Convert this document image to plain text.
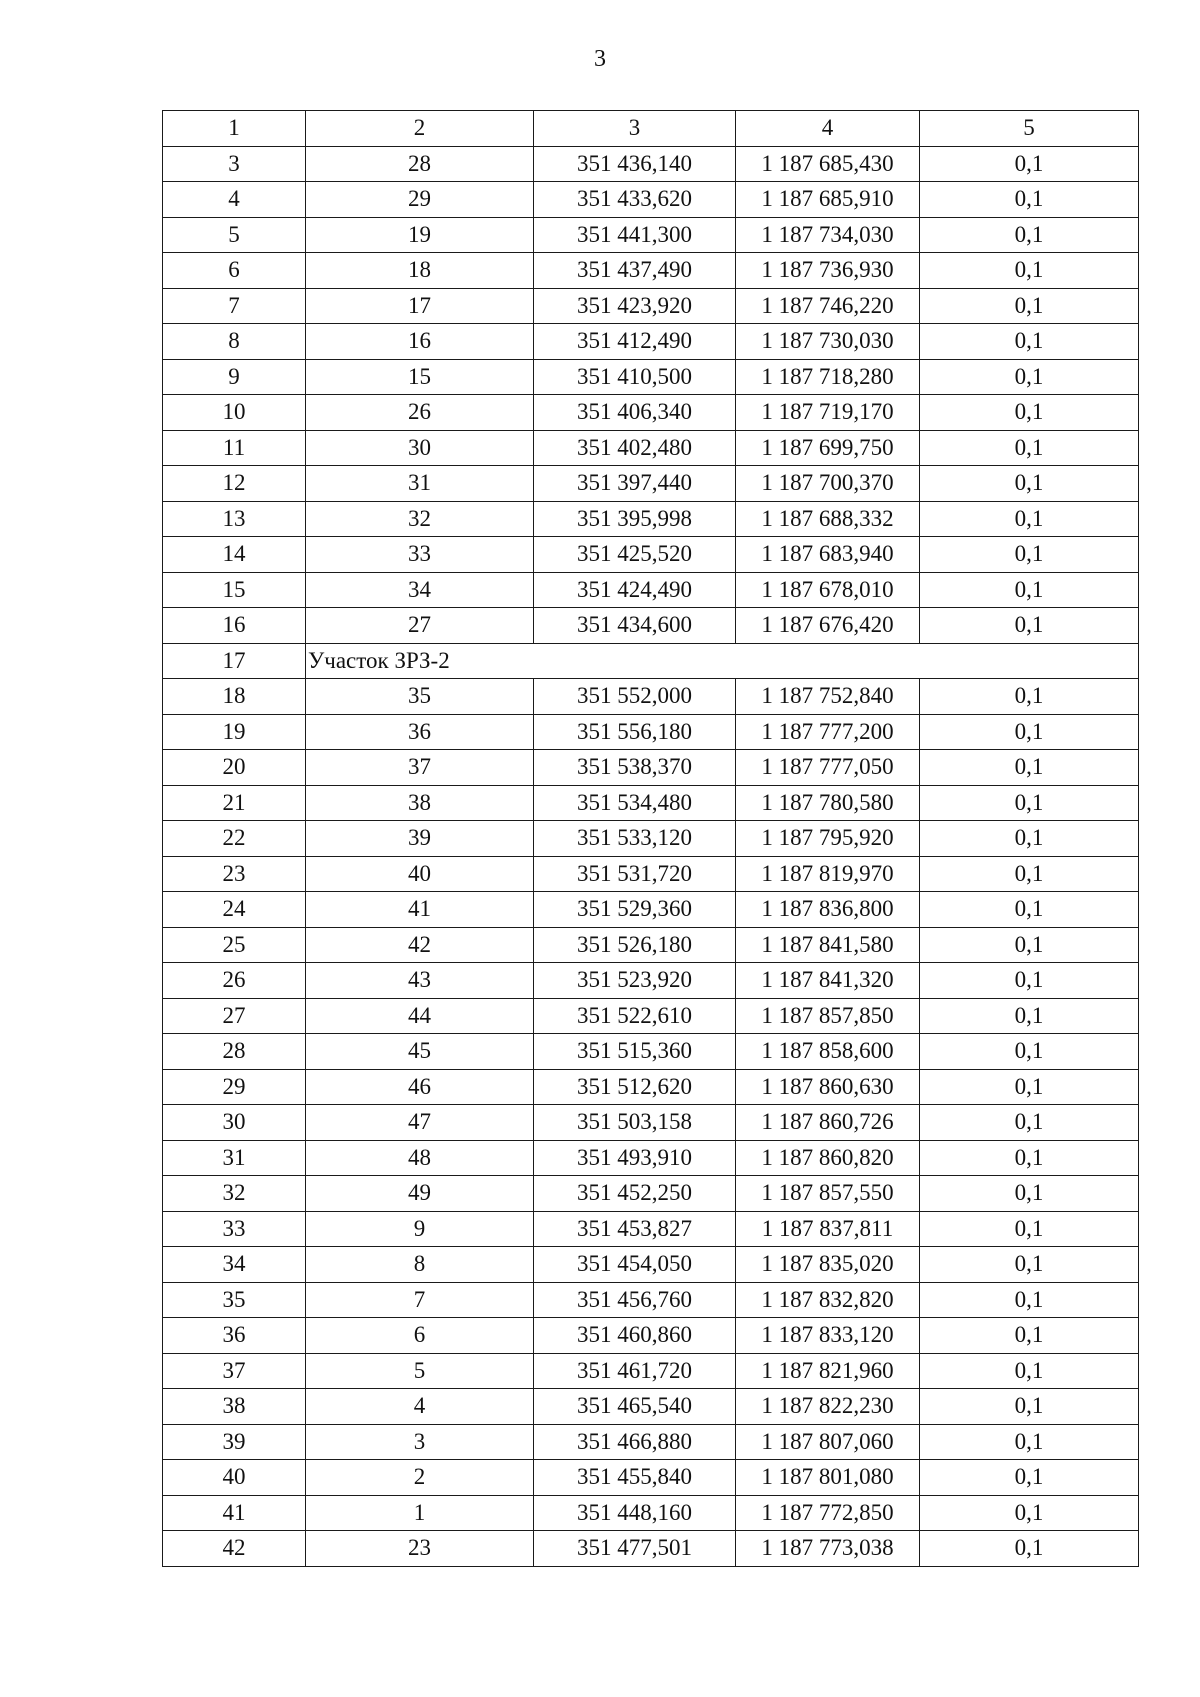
3
1	2	3	4	5
3	28	351 436,140	1 187 685,430	0,1
4	29	351 433,620	1 187 685,910	0,1
5	19	351 441,300	1 187 734,030	0,1
6	18	351 437,490	1 187 736,930	0,1
7	17	351 423,920	1 187 746,220	0,1
8	16	351 412,490	1 187 730,030	0,1
9	15	351 410,500	1 187 718,280	0,1
10	26	351 406,340	1 187 719,170	0,1
11	30	351 402,480	1 187 699,750	0,1
12	31	351 397,440	1 187 700,370	0,1
13	32	351 395,998	1 187 688,332	0,1
14	33	351 425,520	1 187 683,940	0,1
15	34	351 424,490	1 187 678,010	0,1
16	27	351 434,600	1 187 676,420	0,1
17	Участок ЗРЗ-2			
18	35	351 552,000	1 187 752,840	0,1
19	36	351 556,180	1 187 777,200	0,1
20	37	351 538,370	1 187 777,050	0,1
21	38	351 534,480	1 187 780,580	0,1
22	39	351 533,120	1 187 795,920	0,1
23	40	351 531,720	1 187 819,970	0,1
24	41	351 529,360	1 187 836,800	0,1
25	42	351 526,180	1 187 841,580	0,1
26	43	351 523,920	1 187 841,320	0,1
27	44	351 522,610	1 187 857,850	0,1
28	45	351 515,360	1 187 858,600	0,1
29	46	351 512,620	1 187 860,630	0,1
30	47	351 503,158	1 187 860,726	0,1
31	48	351 493,910	1 187 860,820	0,1
32	49	351 452,250	1 187 857,550	0,1
33	9	351 453,827	1 187 837,811	0,1
34	8	351 454,050	1 187 835,020	0,1
35	7	351 456,760	1 187 832,820	0,1
36	6	351 460,860	1 187 833,120	0,1
37	5	351 461,720	1 187 821,960	0,1
38	4	351 465,540	1 187 822,230	0,1
39	3	351 466,880	1 187 807,060	0,1
40	2	351 455,840	1 187 801,080	0,1
41	1	351 448,160	1 187 772,850	0,1
42	23	351 477,501	1 187 773,038	0,1
